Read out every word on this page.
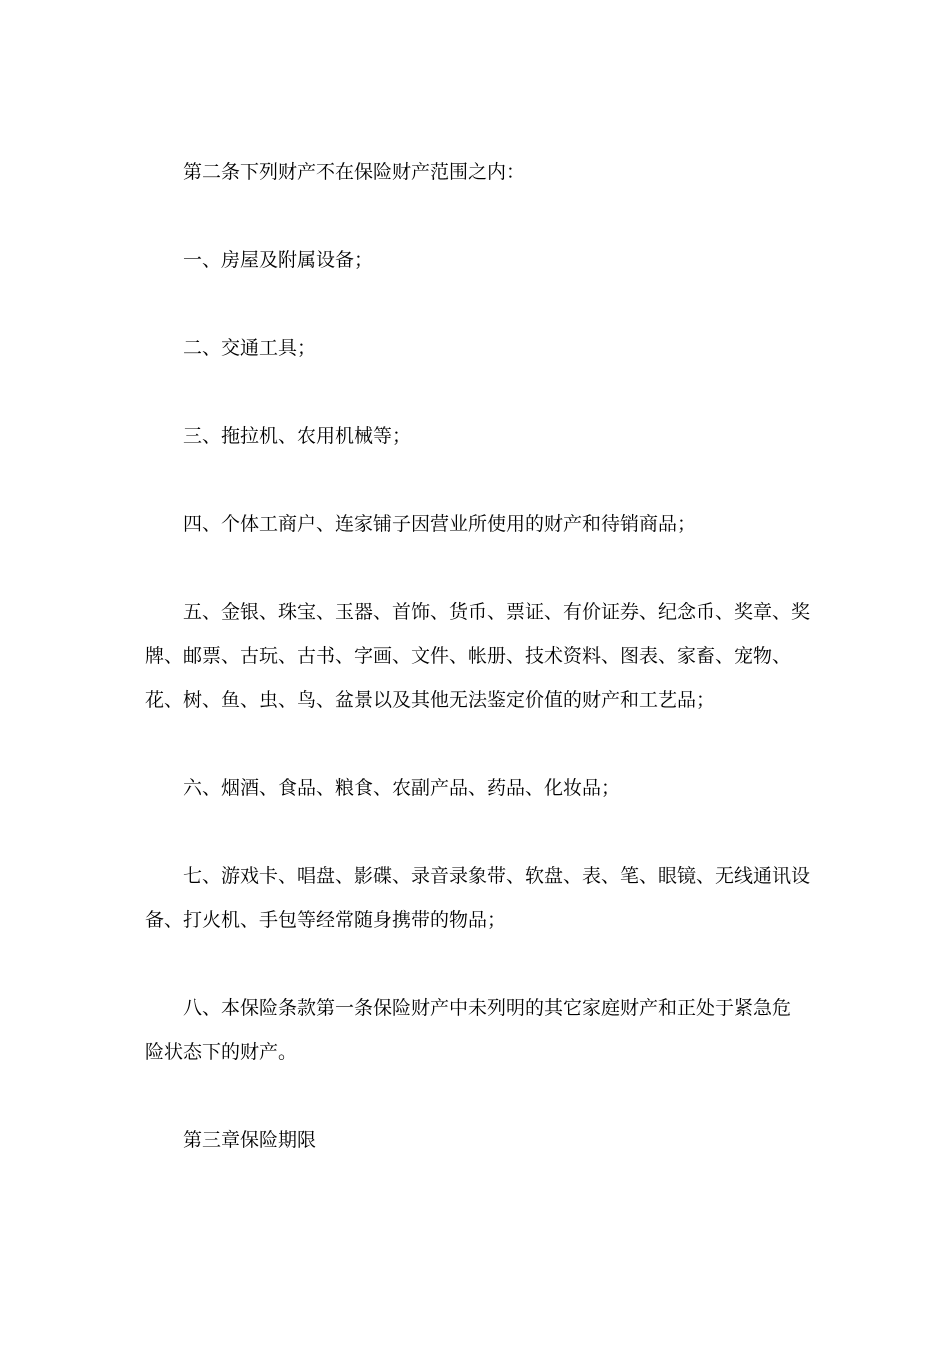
第二条下列财产不在保险财产范围之内：

一、房屋及附属设备；

二、交通工具；

三、拖拉机、农用机械等；

四、个体工商户、连家铺子因营业所使用的财产和待销商品；

五、金银、珠宝、玉器、首饰、货币、票证、有价证券、纪念币、奖章、奖牌、邮票、古玩、古书、字画、文件、帐册、技术资料、图表、家畜、宠物、花、树、鱼、虫、鸟、盆景以及其他无法鉴定价值的财产和工艺品；

六、烟酒、食品、粮食、农副产品、药品、化妆品；

七、游戏卡、唱盘、影碟、录音录象带、软盘、表、笔、眼镜、无线通讯设备、打火机、手包等经常随身携带的物品；

八、本保险条款第一条保险财产中未列明的其它家庭财产和正处于紧急危险状态下的财产。

第三章保险期限
